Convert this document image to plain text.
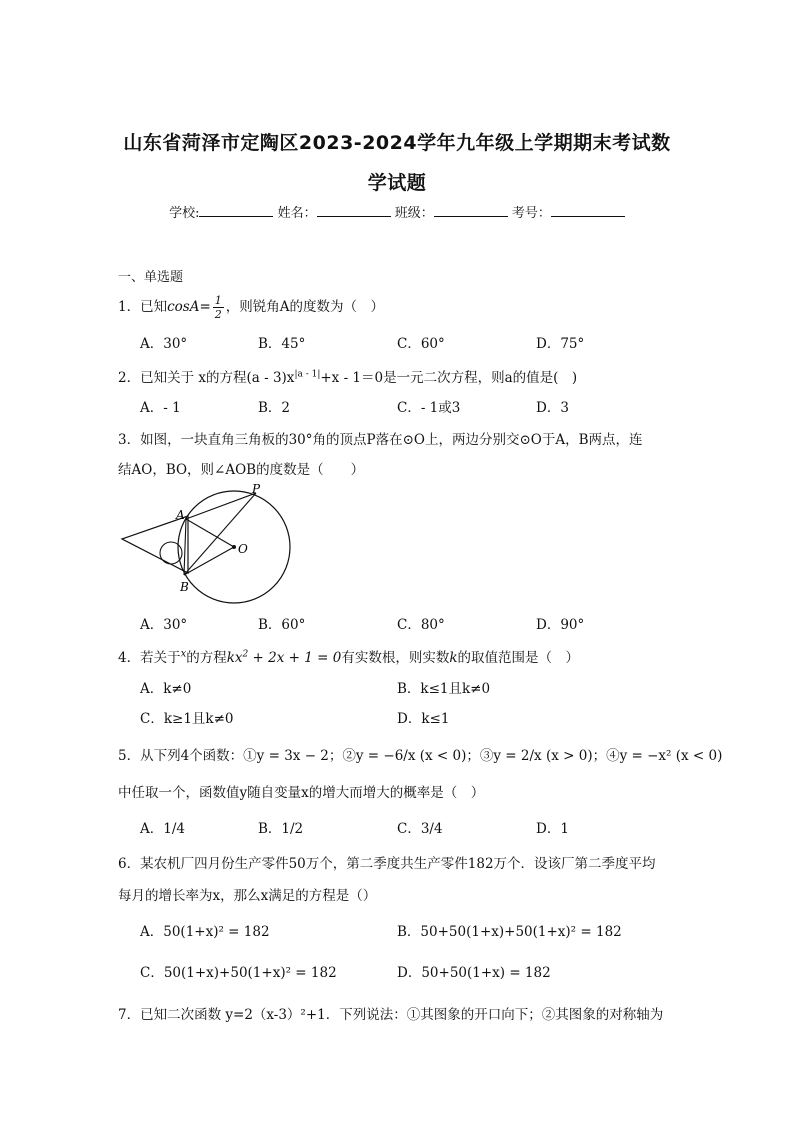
山东省菏泽市定陶区2023-2024学年九年级上学期期末考试数
学试题
学校:	姓名：	班级：	考号：
一、单选题
1．已知$\cos A= \frac{1}{2}$ ，则锐角A的度数为（　）
A．30°	B．45°	C．60°	D．75°
2．已知关于 x的方程$(a - 3)x^{|a - 1|}+x - 1=0$是一元二次方程，则a的值是(　)
A．- 1	B．2	C．- 1或3	D．3
3．如图，一块直角三角板的30°角的顶点P落在⊙O上，两边分别交⊙O于A，B两点，连
结AO，BO，则∠AOB的度数是（　　）
P
A
O
B
A．30°	B．60°	C．80°	D．90°
4．若关于$^x$的方程$kx^2 + 2x + 1 = 0$有实数根，则实数k的取值范围是（　）
A．k≠0	B．k≤1且k≠0
C．k≥1且k≠0	D．k≤1
5．从下列4个函数：①y = 3x − 2；②y = −6/x (x < 0)；③y = 2/x (x > 0)；④y = −x² (x < 0)
中任取一个，函数值y随自变量x的增大而增大的概率是（　）
A．1/4	B．1/2	C．3/4	D．1
6．某农机厂四月份生产零件50万个，第二季度共生产零件182万个．设该厂第二季度平均
每月的增长率为x，那么x满足的方程是（）
A．50(1+x)² = 182	B．50+50(1+x)+50(1+x)² = 182
C．50(1+x)+50(1+x)² = 182	D．50+50(1+x) = 182
7．已知二次函数 y=2（x-3）²+1．下列说法：①其图象的开口向下；②其图象的对称轴为
